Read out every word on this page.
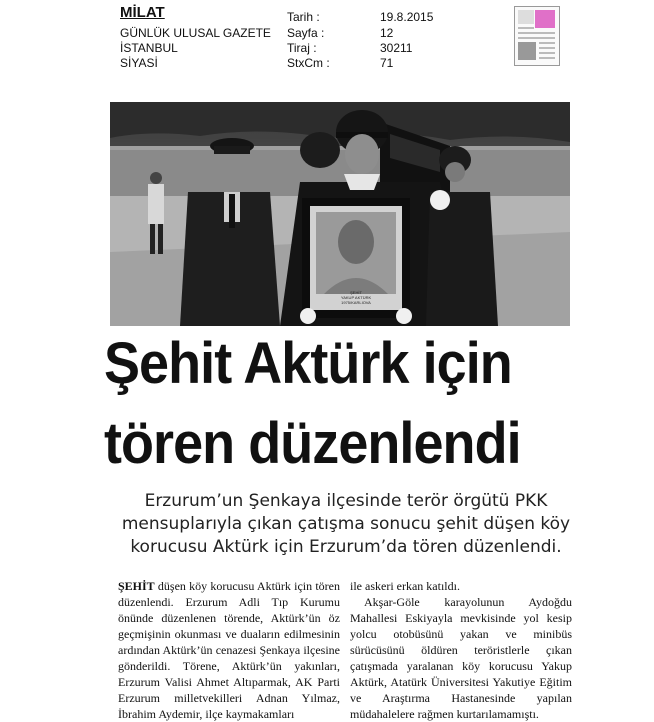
MİLAT
GÜNLÜK ULUSAL GAZETE
İSTANBUL
SİYASİ
Tarih :
Sayfa :
Tiraj :
StxCm :
19.8.2015
12
30211
71
ŞEHİT
YAKUP AKTÜRK
1975/KARLIOVA
Şehit Aktürk için
tören düzenlendi
Erzurum’un Şenkaya ilçesinde terör örgütü PKK mensuplarıyla çıkan çatışma sonucu şehit düşen köy korucusu Aktürk için Erzurum’da tören düzenlendi.

ŞEHİT düşen köy korucusu Aktürk için tören düzenlendi. Erzurum Adli Tıp Kurumu önünde düzenlenen törende, Aktürk’ün öz geçmişinin okunması ve duaların edilmesinin ardından Aktürk’ün cenazesi Şenkaya ilçesine gönderildi. Törene, Aktürk’ün yakınları, Erzurum Valisi Ahmet Altıparmak, AK Parti Erzurum milletvekilleri Adnan Yılmaz, İbrahim Aydemir, ilçe kaymakamları

ile askeri erkan katıldı.

Akşar-Göle karayolunun Aydoğdu Mahallesi Eskiyayla mevkisinde yol kesip yolcu otobüsünü yakan ve minibüs sürücüsünü öldüren teröristlerle çıkan çatışmada yaralanan köy korucusu Yakup Aktürk, Atatürk Üniversitesi Yakutiye Eğitim ve Araştırma Hastanesinde yapılan müdahalelere rağmen kurtarılamamıştı.
